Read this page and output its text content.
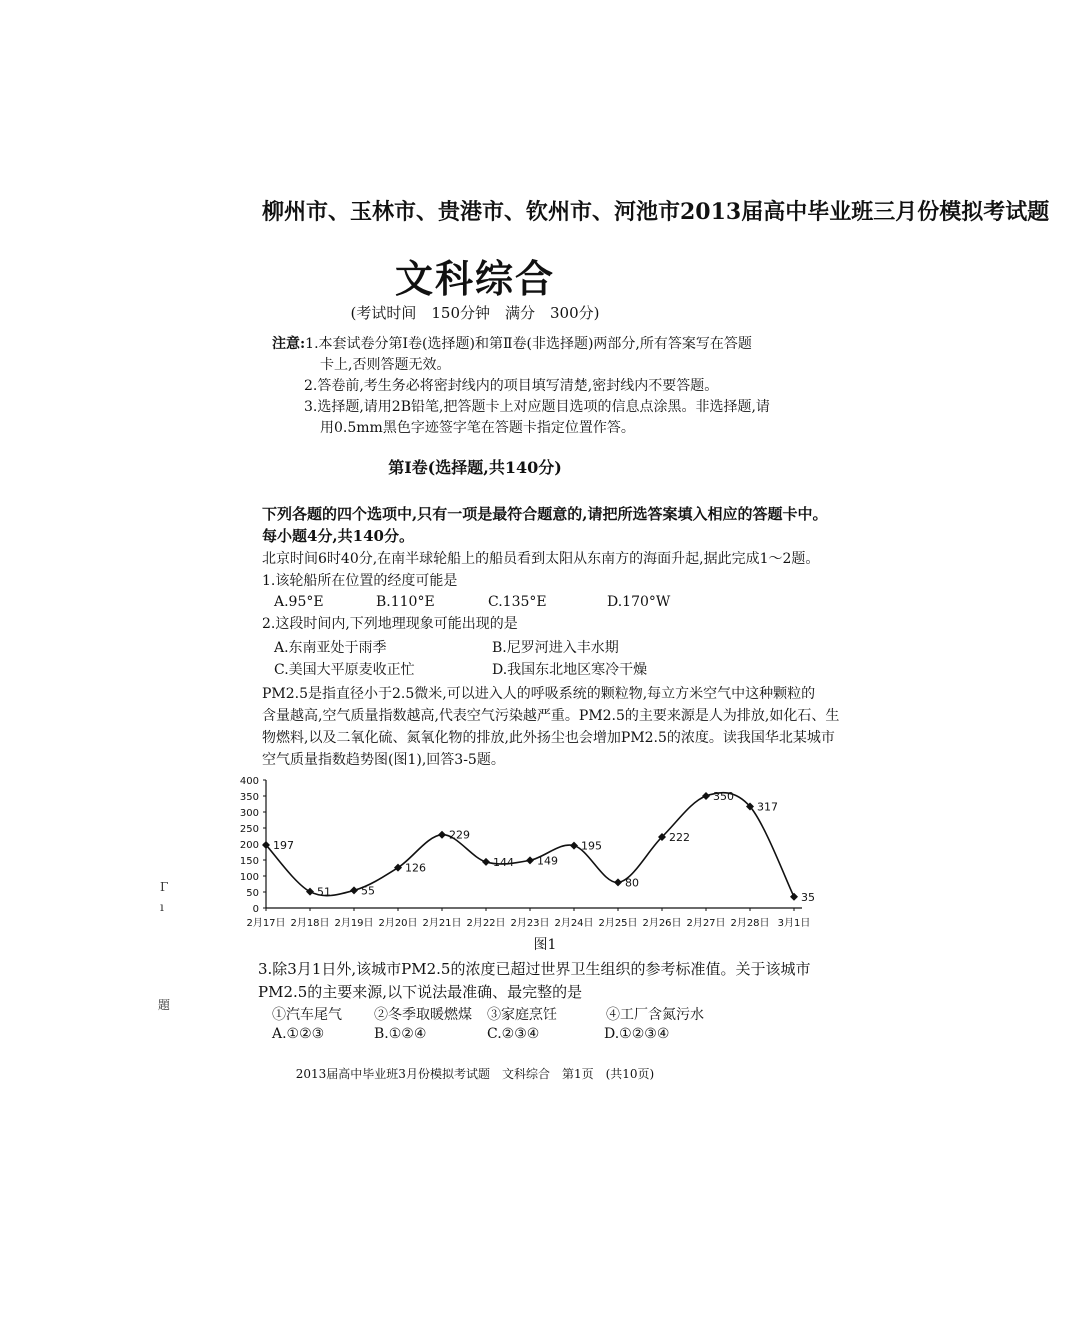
柳州市、玉林市、贵港市、钦州市、河池市2013届高中毕业班三月份模拟考试题
文科综合
(考试时间　150分钟　满分　300分)
注意:1.本套试卷分第Ⅰ卷(选择题)和第Ⅱ卷(非选择题)两部分,所有答案写在答题
卡上,否则答题无效。
2.答卷前,考生务必将密封线内的项目填写清楚,密封线内不要答题。
3.选择题,请用2B铅笔,把答题卡上对应题目选项的信息点涂黑。非选择题,请
用0.5mm黑色字迹签字笔在答题卡指定位置作答。
第Ⅰ卷(选择题,共140分)
下列各题的四个选项中,只有一项是最符合题意的,请把所选答案填入相应的答题卡中。每小题4分,共140分。
北京时间6时40分,在南半球轮船上的船员看到太阳从东南方的海面升起,据此完成1～2题。
1.该轮船所在位置的经度可能是
A.95°E	B.110°E	C.135°E	D.170°W
2.这段时间内,下列地理现象可能出现的是
A.东南亚处于雨季	B.尼罗河进入丰水期
C.美国大平原麦收正忙	D.我国东北地区寒冷干燥
PM2.5是指直径小于2.5微米,可以进入人的呼吸系统的颗粒物,每立方米空气中这种颗粒的
含量越高,空气质量指数越高,代表空气污染越严重。PM2.5的主要来源是人为排放,如化石、生
物燃料,以及二氧化硫、氮氧化物的排放,此外扬尘也会增加PM2.5的浓度。读我国华北某城市
空气质量指数趋势图(图1),回答3-5题。
0
50
100
150
200
250
300
350
400
2月17日 2月18日 2月19日 2月20日 2月21日 2月22日 2月23日 2月24日 2月25日 2月26日 2月27日 2月28日 3月1日
197
51	55
126
229
144 149
195
80
222
350
317
35
图1
3.除3月1日外,该城市PM2.5的浓度已超过世界卫生组织的参考标准值。关于该城市
PM2.5的主要来源,以下说法最准确、最完整的是
①汽车尾气 ②冬季取暖燃煤 ③家庭烹饪	④工厂含氮污水
A.①②③	B.①②④	C.②③④	D.①②③④
2013届高中毕业班3月份模拟考试题　文科综合　第1页　(共10页)
Γ
ı
題
